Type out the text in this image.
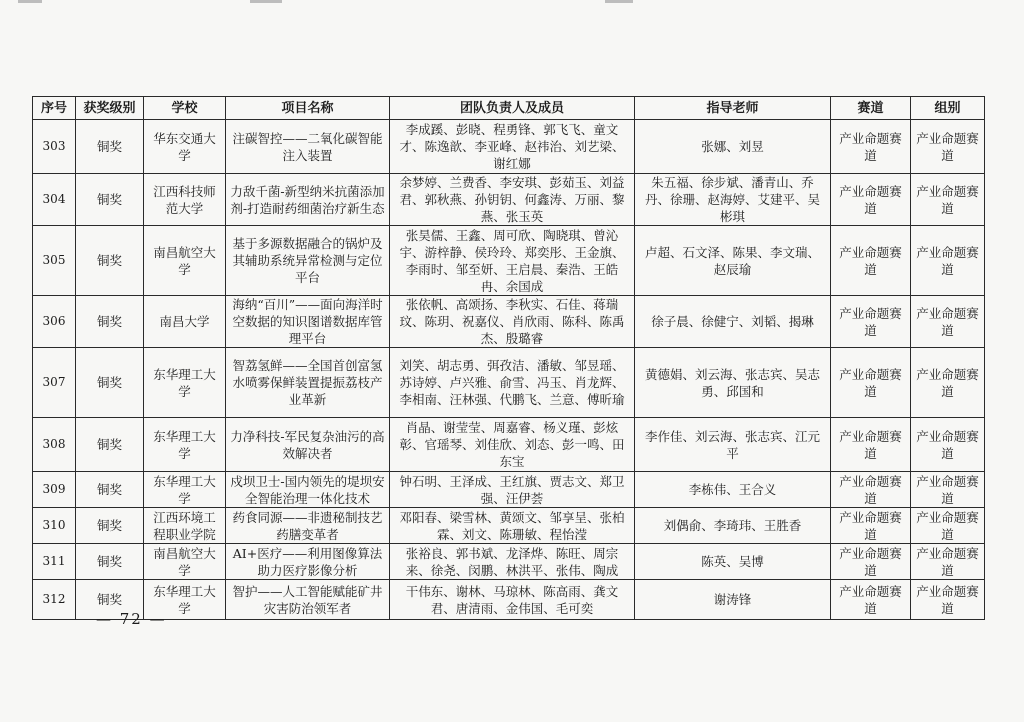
序号	获奖级别	学校	项目名称	团队负责人及成员	指导老师	赛道	组别
303	铜奖	华东交通大学	注碳智控——二氧化碳智能注入装置	李成蹊、彭晓、程勇锋、郭飞飞、童文才、陈逸歆、李亚峰、赵祎治、刘艺梁、谢红娜	张娜、刘昱	产业命题赛道	产业命题赛道
304	铜奖	江西科技师范大学	力敌千菌-新型纳米抗菌添加剂-打造耐药细菌治疗新生态	余梦婷、兰费香、李安琪、彭茹玉、刘益君、郭秋燕、孙钥钥、何鑫涛、万丽、黎燕、张玉英	朱五福、徐步斌、潘青山、乔丹、徐珊、赵海婷、艾建平、吴彬琪	产业命题赛道	产业命题赛道
305	铜奖	南昌航空大学	基于多源数据融合的锅炉及其辅助系统异常检测与定位平台	张昊儒、王鑫、周可欣、陶晓琪、曾沁宇、游梓静、侯玲玲、郑奕彤、王金旗、李雨时、邹至妍、王启晨、秦浩、王皓冉、余国成	卢超、石文泽、陈果、李文瑞、赵辰瑜	产业命题赛道	产业命题赛道
306	铜奖	南昌大学	海纳“百川”——面向海洋时空数据的知识图谱数据库管理平台	张依帆、高颂扬、李秋实、石佳、蒋瑞玟、陈玥、祝嘉仪、肖欣雨、陈科、陈禹杰、殷璐睿	徐子晨、徐健宁、刘韬、揭琳	产业命题赛道	产业命题赛道
307	铜奖	东华理工大学	智荔氢鲜——全国首创富氢水喷雾保鲜装置提振荔枝产业革新	刘笑、胡志勇、弭孜洁、潘敏、邹昱瑶、苏诗婷、卢兴雅、俞雪、冯玉、肖龙辉、李相南、汪林强、代鹏飞、兰意、傅昕瑜	黄德娟、刘云海、张志宾、吴志勇、邱国和	产业命题赛道	产业命题赛道
308	铜奖	东华理工大学	力净科技-军民复杂油污的高效解决者	肖晶、谢莹莹、周嘉睿、杨义瑾、彭炫彰、官瑶琴、刘佳欣、刘态、彭一鸣、田东宝	李作佳、刘云海、张志宾、江元平	产业命题赛道	产业命题赛道
309	铜奖	东华理工大学	戍坝卫士-国内领先的堤坝安全智能治理一体化技术	钟石明、王泽成、王红旗、贾志文、郑卫强、汪伊荟	李栋伟、王合义	产业命题赛道	产业命题赛道
310	铜奖	江西环境工程职业学院	药食同源——非遗秘制技艺药膳变革者	邓阳春、梁雪林、黄颂文、邹享呈、张柏霖、刘文、陈珊敏、程怡滢	刘偶俞、李琦玮、王胜香	产业命题赛道	产业命题赛道
311	铜奖	南昌航空大学	AI+医疗——利用图像算法助力医疗影像分析	张裕良、郭书斌、龙泽烨、陈旺、周宗来、徐尧、闵鹏、林洪平、张伟、陶成	陈英、吴博	产业命题赛道	产业命题赛道
312	铜奖	东华理工大学	智护——人工智能赋能矿井灾害防治领军者	干伟东、谢林、马琼林、陈高雨、龚文君、唐清雨、金伟国、毛可奕	谢涛锋	产业命题赛道	产业命题赛道
— 72 —
